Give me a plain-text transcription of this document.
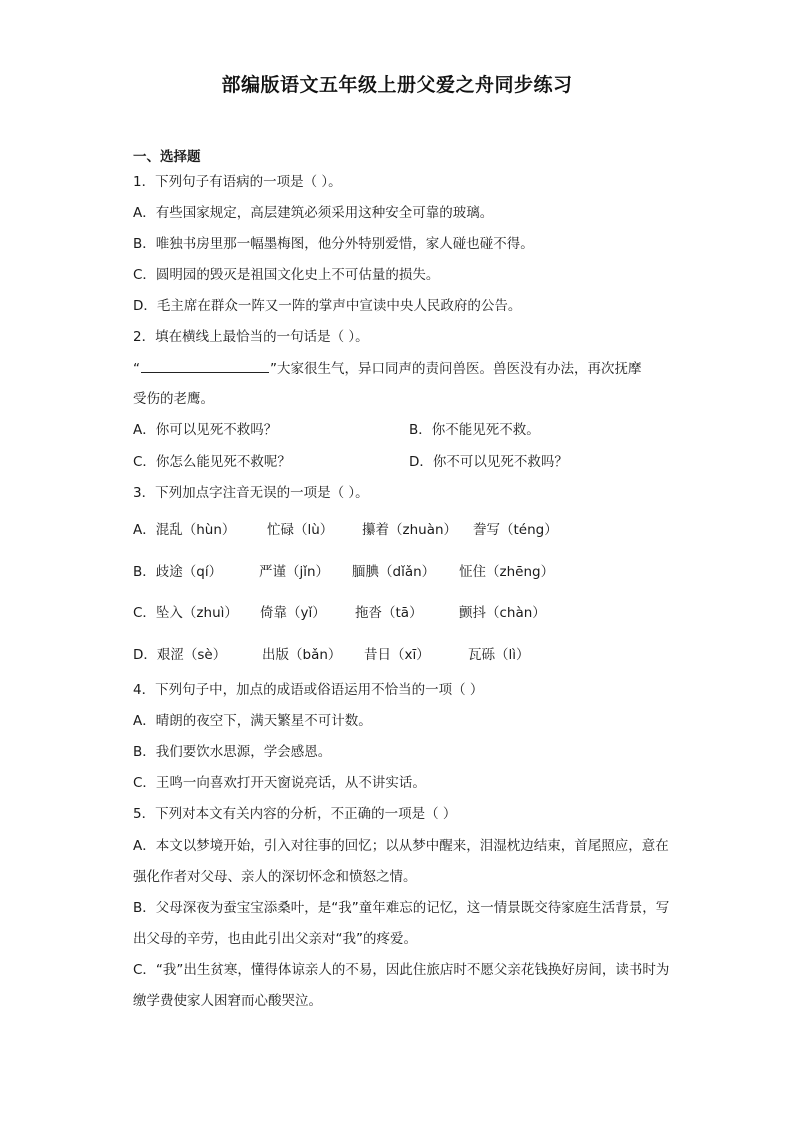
部编版语文五年级上册父爱之舟同步练习
一、选择题
1．下列句子有语病的一项是（ ）。
A．有些国家规定，高层建筑必须采用这种安全可靠的玻璃。
B．唯独书房里那一幅墨梅图，他分外特别爱惜，家人碰也碰不得。
C．圆明园的毁灭是祖国文化史上不可估量的损失。
D．毛主席在群众一阵又一阵的掌声中宣读中央人民政府的公告。
2．填在横线上最恰当的一句话是（ ）。
“	”大家很生气，异口同声的责问兽医。兽医没有办法，再次抚摩
受伤的老鹰。
A．你可以见死不救吗？	B．你不能见死不救。
C．你怎么能见死不救呢？	D．你不可以见死不救吗？
3．下列加点字注音无误的一项是（ ）。
A．混乱（hùn） 忙碌（lù） 攥着（zhuàn） 誊写（téng）
B．歧途（qí）	严谨（jǐn） 腼腆（dǐǎn） 怔住（zhēng）
C．坠入（zhuì） 倚靠（yǐ） 拖沓（tā）	颤抖（chàn）
D．艰涩（sè）	出版（bǎn） 昔日（xī）	瓦砾（lì）
4．下列句子中，加点的成语或俗语运用不恰当的一项（ ）
A．晴朗的夜空下，满天繁星不可计数。
B．我们要饮水思源，学会感恩。
C．王鸣一向喜欢打开天窗说亮话，从不讲实话。
5．下列对本文有关内容的分析，不正确的一项是（ ）
A．本文以梦境开始，引入对往事的回忆；以从梦中醒来，泪湿枕边结束，首尾照应，意在强化作者对父母、亲人的深切怀念和愤怒之情。
B．父母深夜为蚕宝宝添桑叶，是“我”童年难忘的记忆，这一情景既交待家庭生活背景，写出父母的辛劳，也由此引出父亲对“我”的疼爱。
C．“我”出生贫寒，懂得体谅亲人的不易，因此住旅店时不愿父亲花钱换好房间，读书时为缴学费使家人困窘而心酸哭泣。
